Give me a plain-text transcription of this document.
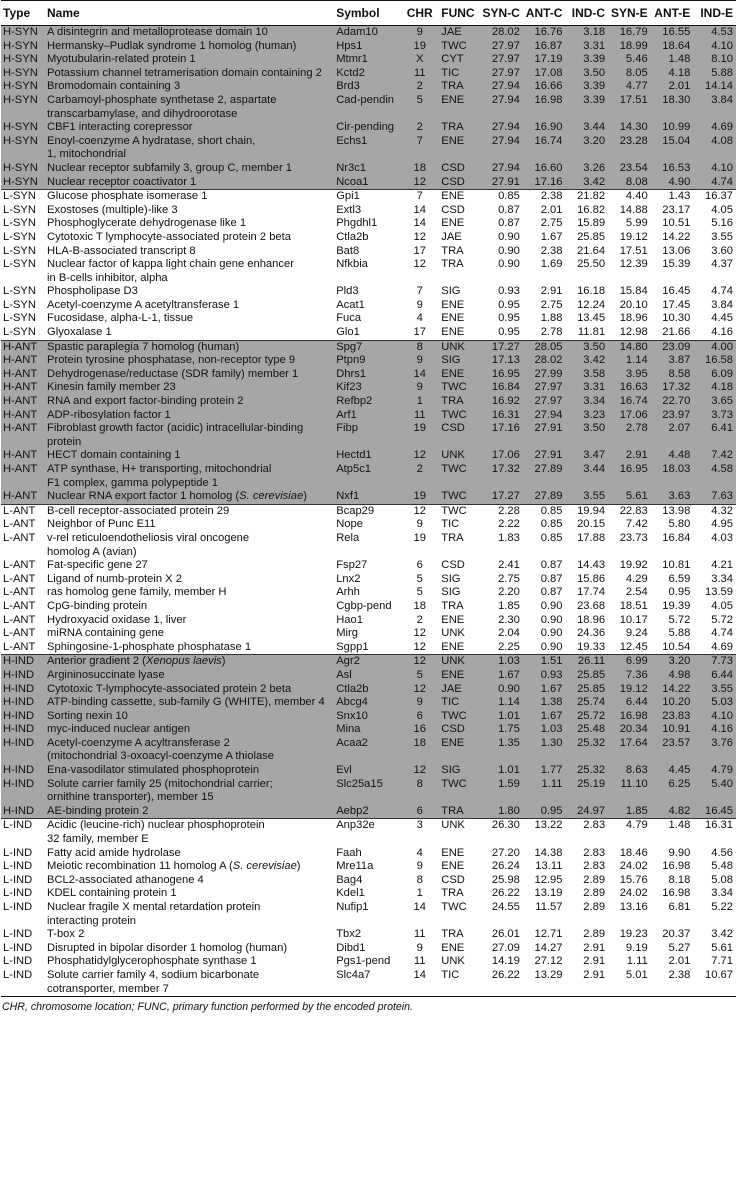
Type	Name	Symbol	CHR	FUNC	SYN-C	ANT-C	IND-C	SYN-E	ANT-E	IND-E
H-SYN	A disintegrin and metalloprotease domain 10	Adam10	9	JAE	28.02	16.76	3.18	16.79	16.55	4.53
H-SYN	Hermansky–Pudlak syndrome 1 homolog (human)	Hps1	19	TWC	27.97	16.87	3.31	18.99	18.64	4.10
H-SYN	Myotubularin-related protein 1	Mtmr1	X	CYT	27.97	17.19	3.39	5.46	1.48	8.10
H-SYN	Potassium channel tetramerisation domain containing 2	Kctd2	11	TIC	27.97	17.08	3.50	8.05	4.18	5.88
H-SYN	Bromodomain containing 3	Brd3	2	TRA	27.94	16.66	3.39	4.77	2.01	14.14
H-SYN	Carbamoyl-phosphate synthetase 2, aspartate
transcarbamylase, and dihydroorotase	Cad-pendin	5	ENE	27.94	16.98	3.39	17.51	18.30	3.84
H-SYN	CBF1 interacting corepressor	Cir-pending	2	TRA	27.94	16.90	3.44	14.30	10.99	4.69
H-SYN	Enoyl-coenzyme A hydratase, short chain,
1, mitochondrial	Echs1	7	ENE	27.94	16.74	3.20	23.28	15.04	4.08
H-SYN	Nuclear receptor subfamily 3, group C, member 1	Nr3c1	18	CSD	27.94	16.60	3.26	23.54	16.53	4.10
H-SYN	Nuclear receptor coactivator 1	Ncoa1	12	CSD	27.91	17.16	3.42	8.08	4.90	4.74
L-SYN	Glucose phosphate isomerase 1	Gpi1	7	ENE	0.85	2.38	21.82	4.40	1.43	16.37
L-SYN	Exostoses (multiple)-like 3	Extl3	14	CSD	0.87	2.01	16.82	14.88	23.17	4.05
L-SYN	Phosphoglycerate dehydrogenase like 1	Phgdhl1	14	ENE	0.87	2.75	15.89	5.99	10.51	5.16
L-SYN	Cytotoxic T lymphocyte-associated protein 2 beta	Ctla2b	12	JAE	0.90	1.67	25.85	19.12	14.22	3.55
L-SYN	HLA-B-associated transcript 8	Bat8	17	TRA	0.90	2.38	21.64	17.51	13.06	3.60
L-SYN	Nuclear factor of kappa light chain gene enhancer
in B-cells inhibitor, alpha	Nfkbia	12	TRA	0.90	1.69	25.50	12.39	15.39	4.37
L-SYN	Phospholipase D3	Pld3	7	SIG	0.93	2.91	16.18	15.84	16.45	4.74
L-SYN	Acetyl-coenzyme A acetyltransferase 1	Acat1	9	ENE	0.95	2.75	12.24	20.10	17.45	3.84
L-SYN	Fucosidase, alpha-L-1, tissue	Fuca	4	ENE	0.95	1.88	13.45	18.96	10.30	4.45
L-SYN	Glyoxalase 1	Glo1	17	ENE	0.95	2.78	11.81	12.98	21.66	4.16
H-ANT	Spastic paraplegia 7 homolog (human)	Spg7	8	UNK	17.27	28.05	3.50	14.80	23.09	4.00
H-ANT	Protein tyrosine phosphatase, non-receptor type 9	Ptpn9	9	SIG	17.13	28.02	3.42	1.14	3.87	16.58
H-ANT	Dehydrogenase/reductase (SDR family) member 1	Dhrs1	14	ENE	16.95	27.99	3.58	3.95	8.58	6.09
H-ANT	Kinesin family member 23	Kif23	9	TWC	16.84	27.97	3.31	16.63	17.32	4.18
H-ANT	RNA and export factor-binding protein 2	Refbp2	1	TRA	16.92	27.97	3.34	16.74	22.70	3.65
H-ANT	ADP-ribosylation factor 1	Arf1	11	TWC	16.31	27.94	3.23	17.06	23.97	3.73
H-ANT	Fibroblast growth factor (acidic) intracellular-binding
protein	Fibp	19	CSD	17.16	27.91	3.50	2.78	2.07	6.41
H-ANT	HECT domain containing 1	Hectd1	12	UNK	17.06	27.91	3.47	2.91	4.48	7.42
H-ANT	ATP synthase, H+ transporting, mitochondrial
F1 complex, gamma polypeptide 1	Atp5c1	2	TWC	17.32	27.89	3.44	16.95	18.03	4.58
H-ANT	Nuclear RNA export factor 1 homolog (S. cerevisiae)	Nxf1	19	TWC	17.27	27.89	3.55	5.61	3.63	7.63
L-ANT	B-cell receptor-associated protein 29	Bcap29	12	TWC	2.28	0.85	19.94	22.83	13.98	4.32
L-ANT	Neighbor of Punc E11	Nope	9	TIC	2.22	0.85	20.15	7.42	5.80	4.95
L-ANT	v-rel reticuloendotheliosis viral oncogene
homolog A (avian)	Rela	19	TRA	1.83	0.85	17.88	23.73	16.84	4.03
L-ANT	Fat-specific gene 27	Fsp27	6	CSD	2.41	0.87	14.43	19.92	10.81	4.21
L-ANT	Ligand of numb-protein X 2	Lnx2	5	SIG	2.75	0.87	15.86	4.29	6.59	3.34
L-ANT	ras homolog gene family, member H	Arhh	5	SIG	2.20	0.87	17.74	2.54	0.95	13.59
L-ANT	CpG-binding protein	Cgbp-pend	18	TRA	1.85	0.90	23.68	18.51	19.39	4.05
L-ANT	Hydroxyacid oxidase 1, liver	Hao1	2	ENE	2.30	0.90	18.96	10.17	5.72	5.72
L-ANT	miRNA containing gene	Mirg	12	UNK	2.04	0.90	24.36	9.24	5.88	4.74
L-ANT	Sphingosine-1-phosphate phosphatase 1	Sgpp1	12	ENE	2.25	0.90	19.33	12.45	10.54	4.69
H-IND	Anterior gradient 2 (Xenopus laevis)	Agr2	12	UNK	1.03	1.51	26.11	6.99	3.20	7.73
H-IND	Argininosuccinate lyase	Asl	5	ENE	1.67	0.93	25.85	7.36	4.98	6.44
H-IND	Cytotoxic T-lymphocyte-associated protein 2 beta	Ctla2b	12	JAE	0.90	1.67	25.85	19.12	14.22	3.55
H-IND	ATP-binding cassette, sub-family G (WHITE), member 4	Abcg4	9	TIC	1.14	1.38	25.74	6.44	10.20	5.03
H-IND	Sorting nexin 10	Snx10	6	TWC	1.01	1.67	25.72	16.98	23.83	4.10
H-IND	myc-induced nuclear antigen	Mina	16	CSD	1.75	1.03	25.48	20.34	10.91	4.16
H-IND	Acetyl-coenzyme A acyltransferase 2
(mitochondrial 3-oxoacyl-coenzyme A thiolase	Acaa2	18	ENE	1.35	1.30	25.32	17.64	23.57	3.76
H-IND	Ena-vasodilator stimulated phosphoprotein	Evl	12	SIG	1.01	1.77	25.32	8.63	4.45	4.79
H-IND	Solute carrier family 25 (mitochondrial carrier;
ornithine transporter), member 15	Slc25a15	8	TWC	1.59	1.11	25.19	11.10	6.25	5.40
H-IND	AE-binding protein 2	Aebp2	6	TRA	1.80	0.95	24.97	1.85	4.82	16.45
L-IND	Acidic (leucine-rich) nuclear phosphoprotein
32 family, member E	Anp32e	3	UNK	26.30	13.22	2.83	4.79	1.48	16.31
L-IND	Fatty acid amide hydrolase	Faah	4	ENE	27.20	14.38	2.83	18.46	9.90	4.56
L-IND	Meiotic recombination 11 homolog A (S. cerevisiae)	Mre11a	9	ENE	26.24	13.11	2.83	24.02	16.98	5.48
L-IND	BCL2-associated athanogene 4	Bag4	8	CSD	25.98	12.95	2.89	15.76	8.18	5.08
L-IND	KDEL containing protein 1	Kdel1	1	TRA	26.22	13.19	2.89	24.02	16.98	3.34
L-IND	Nuclear fragile X mental retardation protein
interacting protein	Nufip1	14	TWC	24.55	11.57	2.89	13.16	6.81	5.22
L-IND	T-box 2	Tbx2	11	TRA	26.01	12.71	2.89	19.23	20.37	3.42
L-IND	Disrupted in bipolar disorder 1 homolog (human)	Dibd1	9	ENE	27.09	14.27	2.91	9.19	5.27	5.61
L-IND	Phosphatidylglycerophosphate synthase 1	Pgs1-pend	11	UNK	14.19	27.12	2.91	1.11	2.01	7.71
L-IND	Solute carrier family 4, sodium bicarbonate
cotransporter, member 7	Slc4a7	14	TIC	26.22	13.29	2.91	5.01	2.38	10.67
CHR, chromosome location; FUNC, primary function performed by the encoded protein.
